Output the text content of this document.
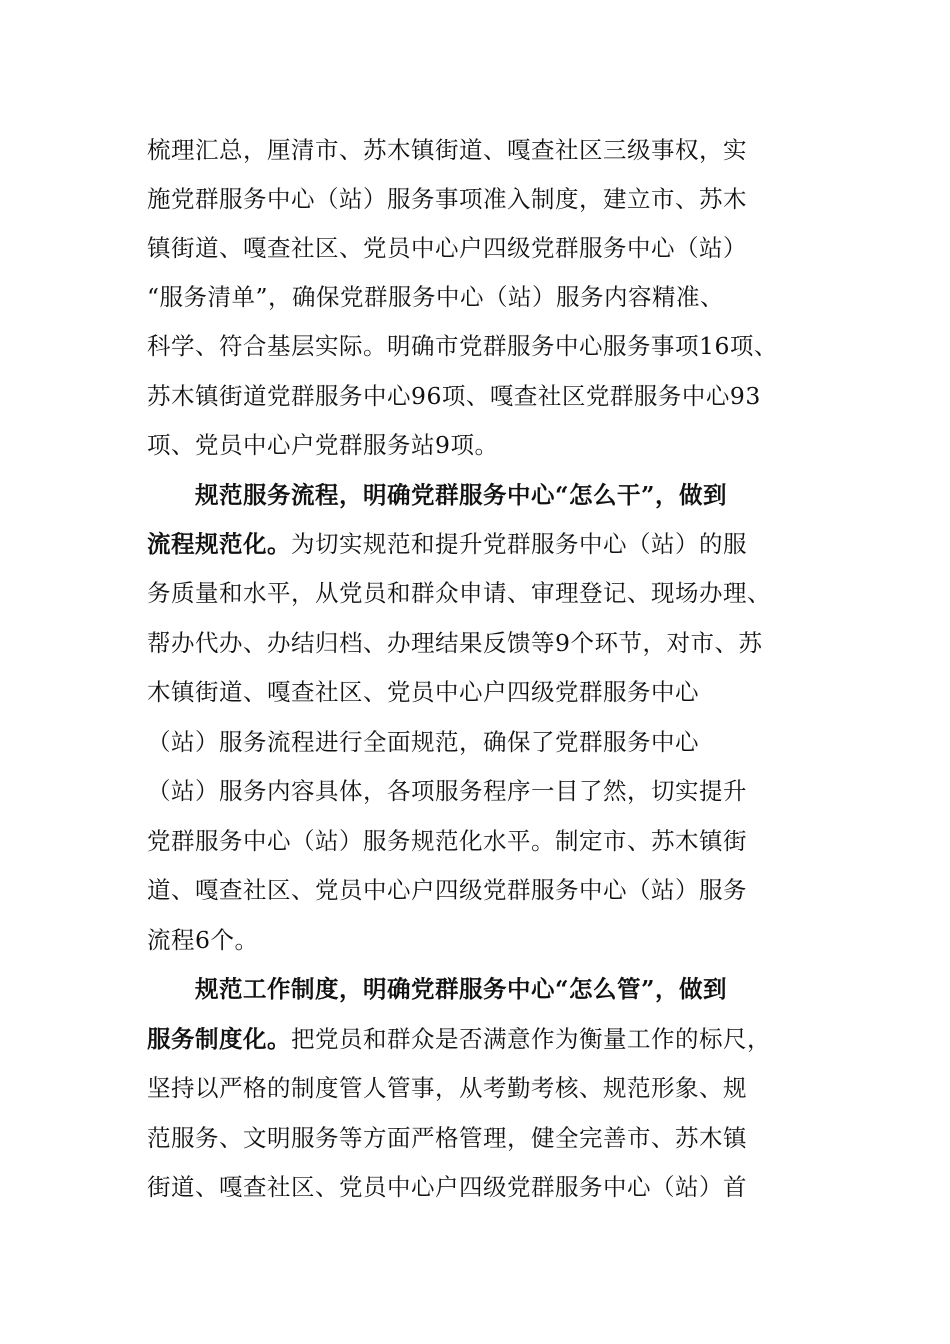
梳理汇总，厘清市、苏木镇街道、嘎查社区三级事权，实
施党群服务中心（站）服务事项准入制度，建立市、苏木
镇街道、嘎查社区、党员中心户四级党群服务中心（站）
“服务清单”，确保党群服务中心（站）服务内容精准、
科学、符合基层实际。明确市党群服务中心服务事项16项、
苏木镇街道党群服务中心96项、嘎查社区党群服务中心93
项、党员中心户党群服务站9项。
规范服务流程，明确党群服务中心“怎么干”，做到
流程规范化。为切实规范和提升党群服务中心（站）的服
务质量和水平，从党员和群众申请、审理登记、现场办理、
帮办代办、办结归档、办理结果反馈等9个环节，对市、苏
木镇街道、嘎查社区、党员中心户四级党群服务中心
（站）服务流程进行全面规范，确保了党群服务中心
（站）服务内容具体，各项服务程序一目了然，切实提升
党群服务中心（站）服务规范化水平。制定市、苏木镇街
道、嘎查社区、党员中心户四级党群服务中心（站）服务
流程6个。
规范工作制度，明确党群服务中心“怎么管”，做到
服务制度化。把党员和群众是否满意作为衡量工作的标尺，
坚持以严格的制度管人管事，从考勤考核、规范形象、规
范服务、文明服务等方面严格管理，健全完善市、苏木镇
街道、嘎查社区、党员中心户四级党群服务中心（站）首
